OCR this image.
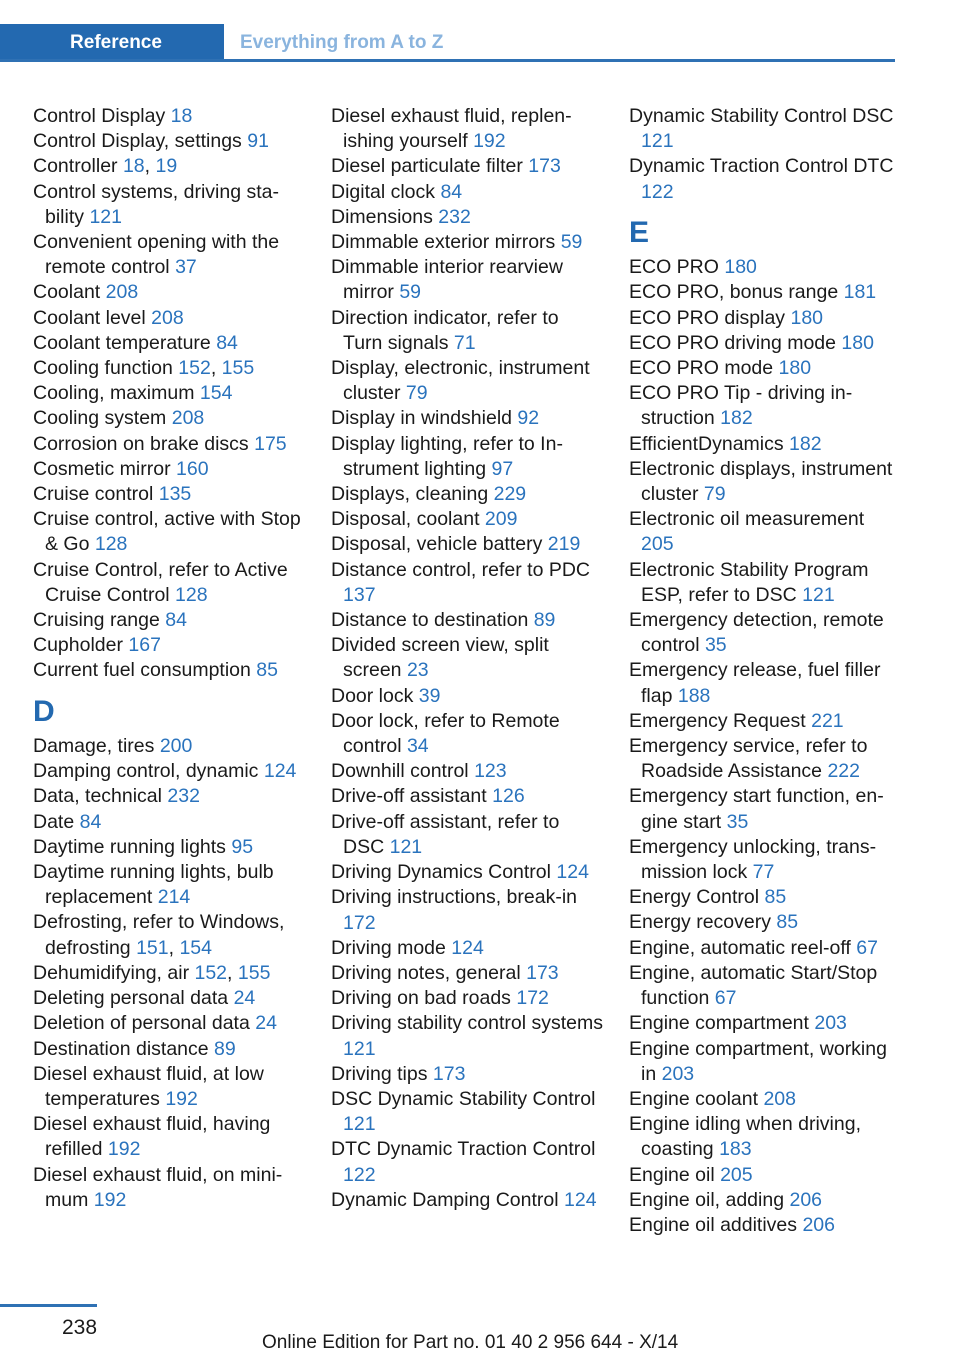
Reference	Everything from A to Z
Control Display 18
Control Display, settings 91
Controller 18, 19
Control systems, driving stability 121
Convenient opening with the remote control 37
Coolant 208
Coolant level 208
Coolant temperature 84
Cooling function 152, 155
Cooling, maximum 154
Cooling system 208
Corrosion on brake discs 175
Cosmetic mirror 160
Cruise control 135
Cruise control, active with Stop & Go 128
Cruise Control, refer to Active Cruise Control 128
Cruising range 84
Cupholder 167
Current fuel consumption 85
D
Damage, tires 200
Damping control, dynamic 124
Data, technical 232
Date 84
Daytime running lights 95
Daytime running lights, bulb replacement 214
Defrosting, refer to Windows, defrosting 151, 154
Dehumidifying, air 152, 155
Deleting personal data 24
Deletion of personal data 24
Destination distance 89
Diesel exhaust fluid, at low temperatures 192
Diesel exhaust fluid, having refilled 192
Diesel exhaust fluid, on minimum 192
Diesel exhaust fluid, replenishing yourself 192
Diesel particulate filter 173
Digital clock 84
Dimensions 232
Dimmable exterior mirrors 59
Dimmable interior rearview mirror 59
Direction indicator, refer to Turn signals 71
Display, electronic, instrument cluster 79
Display in windshield 92
Display lighting, refer to Instrument lighting 97
Displays, cleaning 229
Disposal, coolant 209
Disposal, vehicle battery 219
Distance control, refer to PDC 137
Distance to destination 89
Divided screen view, split screen 23
Door lock 39
Door lock, refer to Remote control 34
Downhill control 123
Drive-off assistant 126
Drive-off assistant, refer to DSC 121
Driving Dynamics Control 124
Driving instructions, break-in 172
Driving mode 124
Driving notes, general 173
Driving on bad roads 172
Driving stability control systems 121
Driving tips 173
DSC Dynamic Stability Control 121
DTC Dynamic Traction Control 122
Dynamic Damping Control 124
Dynamic Stability Control DSC 121
Dynamic Traction Control DTC 122
E
ECO PRO 180
ECO PRO, bonus range 181
ECO PRO display 180
ECO PRO driving mode 180
ECO PRO mode 180
ECO PRO Tip - driving instruction 182
EfficientDynamics 182
Electronic displays, instrument cluster 79
Electronic oil measurement 205
Electronic Stability Program ESP, refer to DSC 121
Emergency detection, remote control 35
Emergency release, fuel filler flap 188
Emergency Request 221
Emergency service, refer to Roadside Assistance 222
Emergency start function, engine start 35
Emergency unlocking, transmission lock 77
Energy Control 85
Energy recovery 85
Engine, automatic reel-off 67
Engine, automatic Start/Stop function 67
Engine compartment 203
Engine compartment, working in 203
Engine coolant 208
Engine idling when driving, coasting 183
Engine oil 205
Engine oil, adding 206
Engine oil additives 206
238
Online Edition for Part no. 01 40 2 956 644 - X/14
